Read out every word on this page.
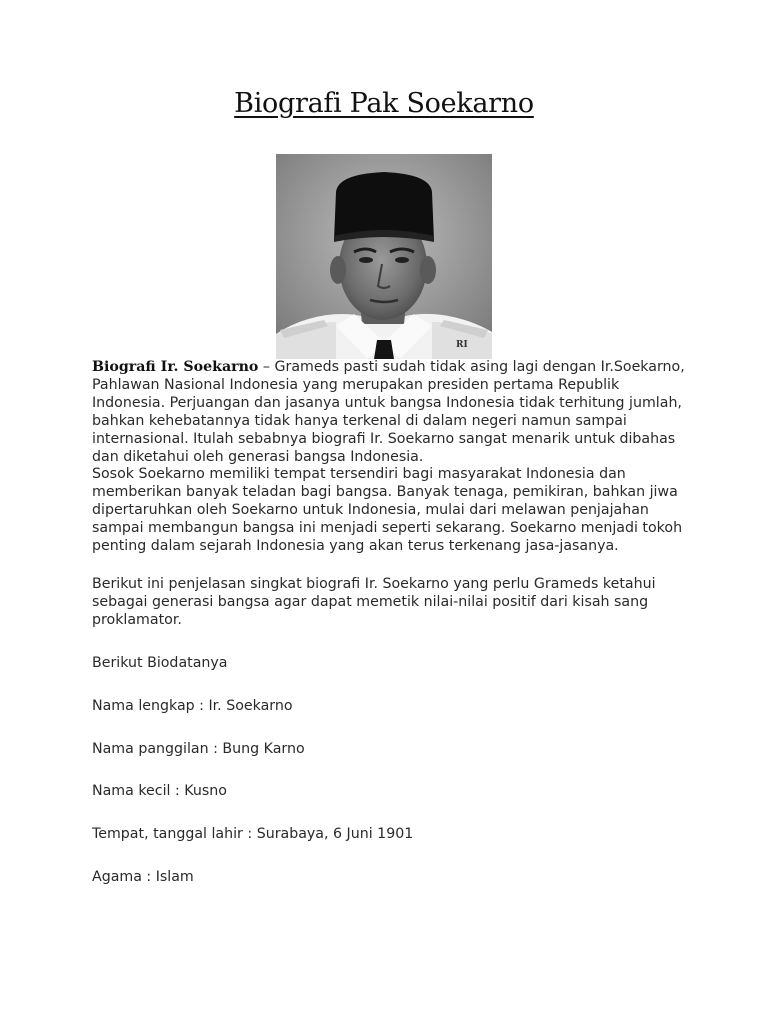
Biografi Pak Soekarno
RI

Biografi Ir. Soekarno – Grameds pasti sudah tidak asing lagi dengan Ir.Soekarno, Pahlawan Nasional Indonesia yang merupakan presiden pertama Republik Indonesia. Perjuangan dan jasanya untuk bangsa Indonesia tidak terhitung jumlah, bahkan kehebatannya tidak hanya terkenal di dalam negeri namun sampai internasional. Itulah sebabnya biografi Ir. Soekarno sangat menarik untuk dibahas dan diketahui oleh generasi bangsa Indonesia.

Sosok Soekarno memiliki tempat tersendiri bagi masyarakat Indonesia dan memberikan banyak teladan bagi bangsa. Banyak tenaga, pemikiran, bahkan jiwa dipertaruhkan oleh Soekarno untuk Indonesia, mulai dari melawan penjajahan sampai membangun bangsa ini menjadi seperti sekarang. Soekarno menjadi tokoh penting dalam sejarah Indonesia yang akan terus terkenang jasa-jasanya.

Berikut ini penjelasan singkat biografi Ir. Soekarno yang perlu Grameds ketahui sebagai generasi bangsa agar dapat memetik nilai-nilai positif dari kisah sang proklamator.

Berikut Biodatanya

Nama lengkap : Ir. Soekarno

Nama panggilan : Bung Karno

Nama kecil : Kusno

Tempat, tanggal lahir : Surabaya, 6 Juni 1901

Agama : Islam
